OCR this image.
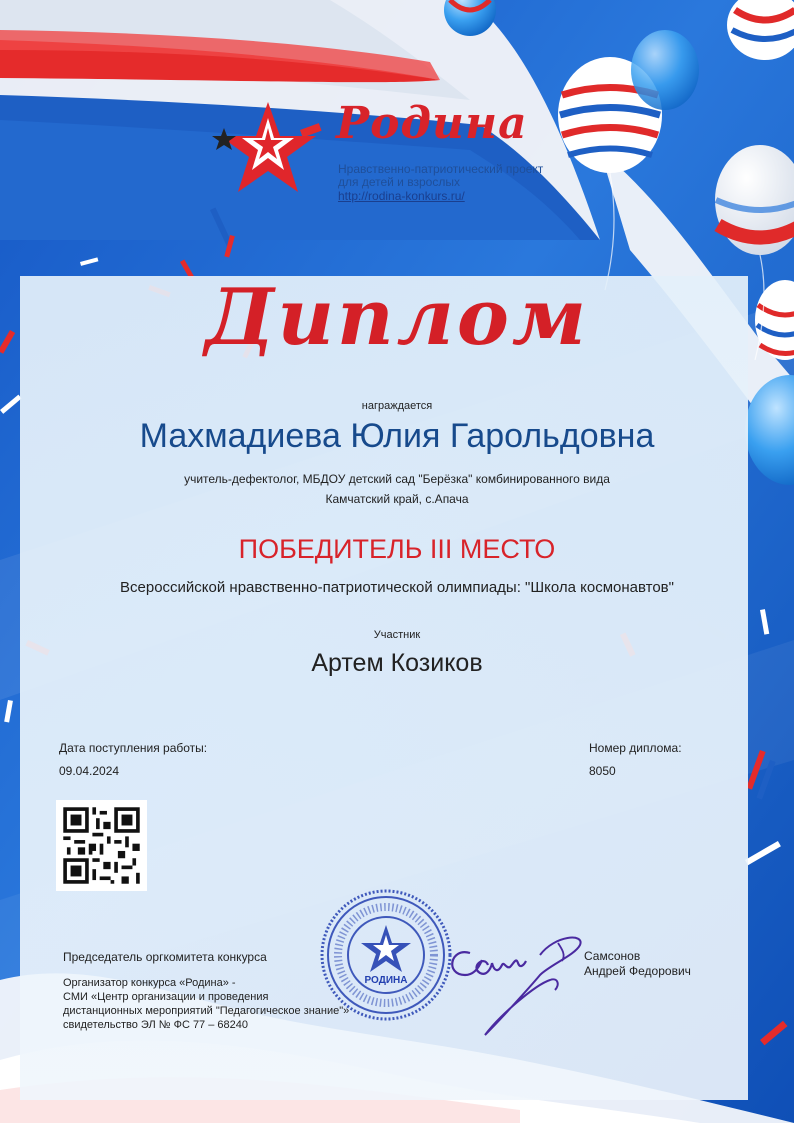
Родина
Нравственно-патриотический проект
для детей и взрослых
http://rodina-konkurs.ru/
Диплом
награждается
Махмадиева Юлия Гарольдовна
учитель-дефектолог, МБДОУ детский сад "Берёзка" комбинированного вида
Камчатский край, с.Апача
ПОБЕДИТЕЛЬ III МЕСТО
Всероссийской нравственно-патриотической олимпиады: "Школа космонавтов"
Участник
Артем Козиков
Дата поступления работы:
09.04.2024
Номер диплома:
8050
Председатель оргкомитета конкурса
Организатор конкурса «Родина» -
СМИ «Центр организации и проведения
дистанционных мероприятий "Педагогическое знание"»
свидетельство ЭЛ № ФС 77 – 68240
РОДИНА
Самсонов
Андрей Федорович
